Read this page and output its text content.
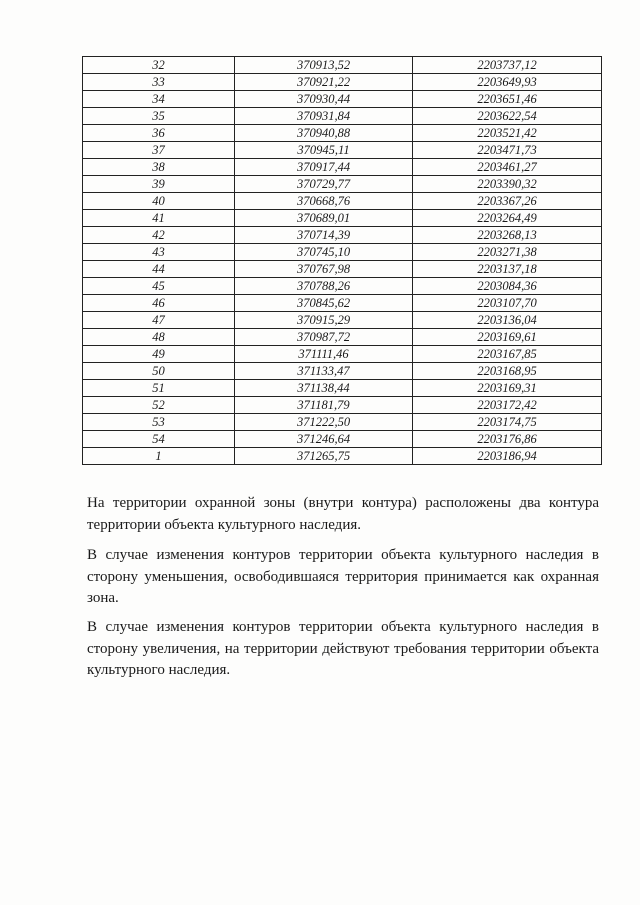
32	370913,52	2203737,12
33	370921,22	2203649,93
34	370930,44	2203651,46
35	370931,84	2203622,54
36	370940,88	2203521,42
37	370945,11	2203471,73
38	370917,44	2203461,27
39	370729,77	2203390,32
40	370668,76	2203367,26
41	370689,01	2203264,49
42	370714,39	2203268,13
43	370745,10	2203271,38
44	370767,98	2203137,18
45	370788,26	2203084,36
46	370845,62	2203107,70
47	370915,29	2203136,04
48	370987,72	2203169,61
49	371111,46	2203167,85
50	371133,47	2203168,95
51	371138,44	2203169,31
52	371181,79	2203172,42
53	371222,50	2203174,75
54	371246,64	2203176,86
1	371265,75	2203186,94

На территории охранной зоны (внутри контура) расположены два контура территории объекта культурного наследия.

В случае изменения контуров территории объекта культурного наследия в сторону уменьшения, освободившаяся территория принимается как охранная зона.

В случае изменения контуров территории объекта культурного наследия в сторону увеличения, на территории действуют требования территории объекта культурного наследия.
